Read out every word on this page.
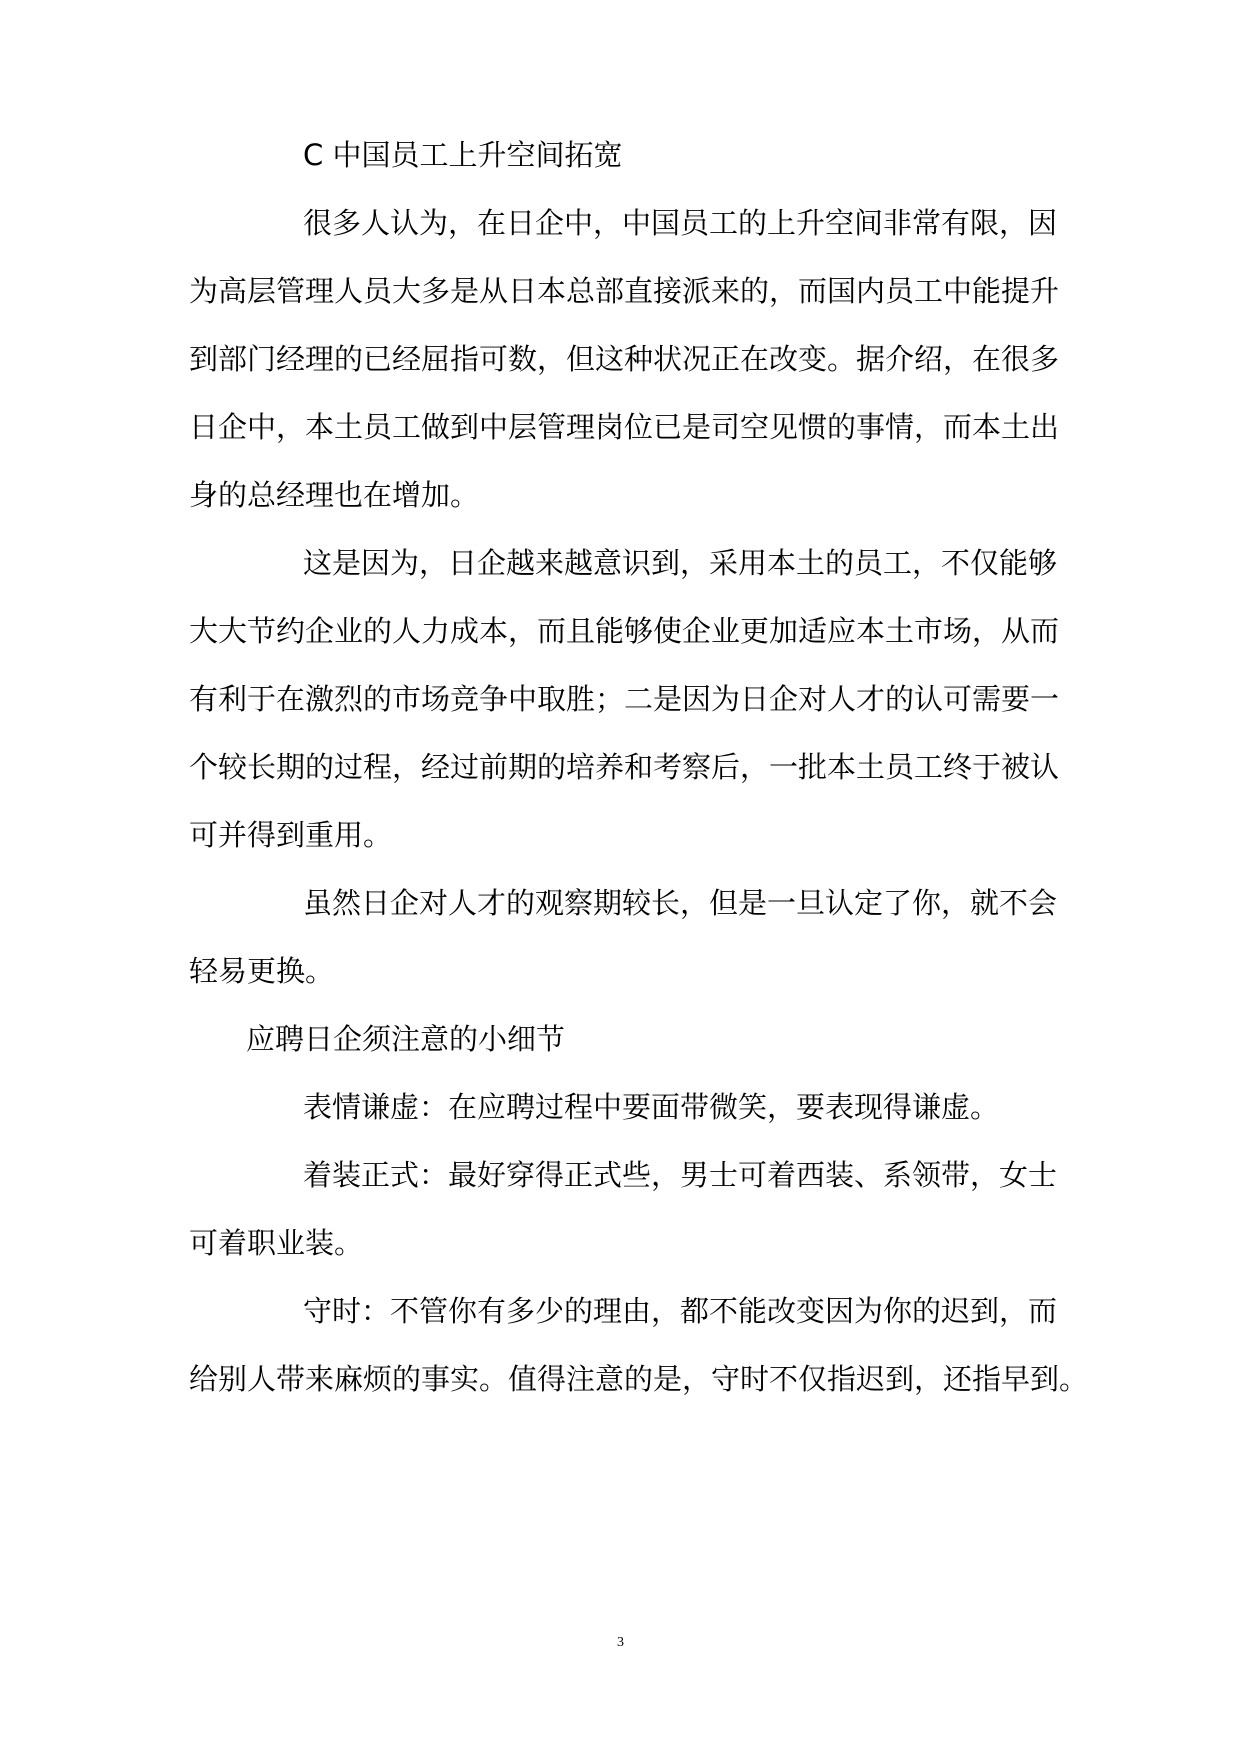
C 中国员工上升空间拓宽
很多人认为，在日企中，中国员工的上升空间非常有限，因
为高层管理人员大多是从日本总部直接派来的，而国内员工中能提升
到部门经理的已经屈指可数，但这种状况正在改变。据介绍，在很多
日企中，本土员工做到中层管理岗位已是司空见惯的事情，而本土出
身的总经理也在增加。
这是因为，日企越来越意识到，采用本土的员工，不仅能够
大大节约企业的人力成本，而且能够使企业更加适应本土市场，从而
有利于在激烈的市场竞争中取胜；二是因为日企对人才的认可需要一
个较长期的过程，经过前期的培养和考察后，一批本土员工终于被认
可并得到重用。
虽然日企对人才的观察期较长，但是一旦认定了你，就不会
轻易更换。
应聘日企须注意的小细节
表情谦虚：在应聘过程中要面带微笑，要表现得谦虚。
着装正式：最好穿得正式些，男士可着西装、系领带，女士
可着职业装。
守时：不管你有多少的理由，都不能改变因为你的迟到，而
给别人带来麻烦的事实。值得注意的是，守时不仅指迟到，还指早到。
3
